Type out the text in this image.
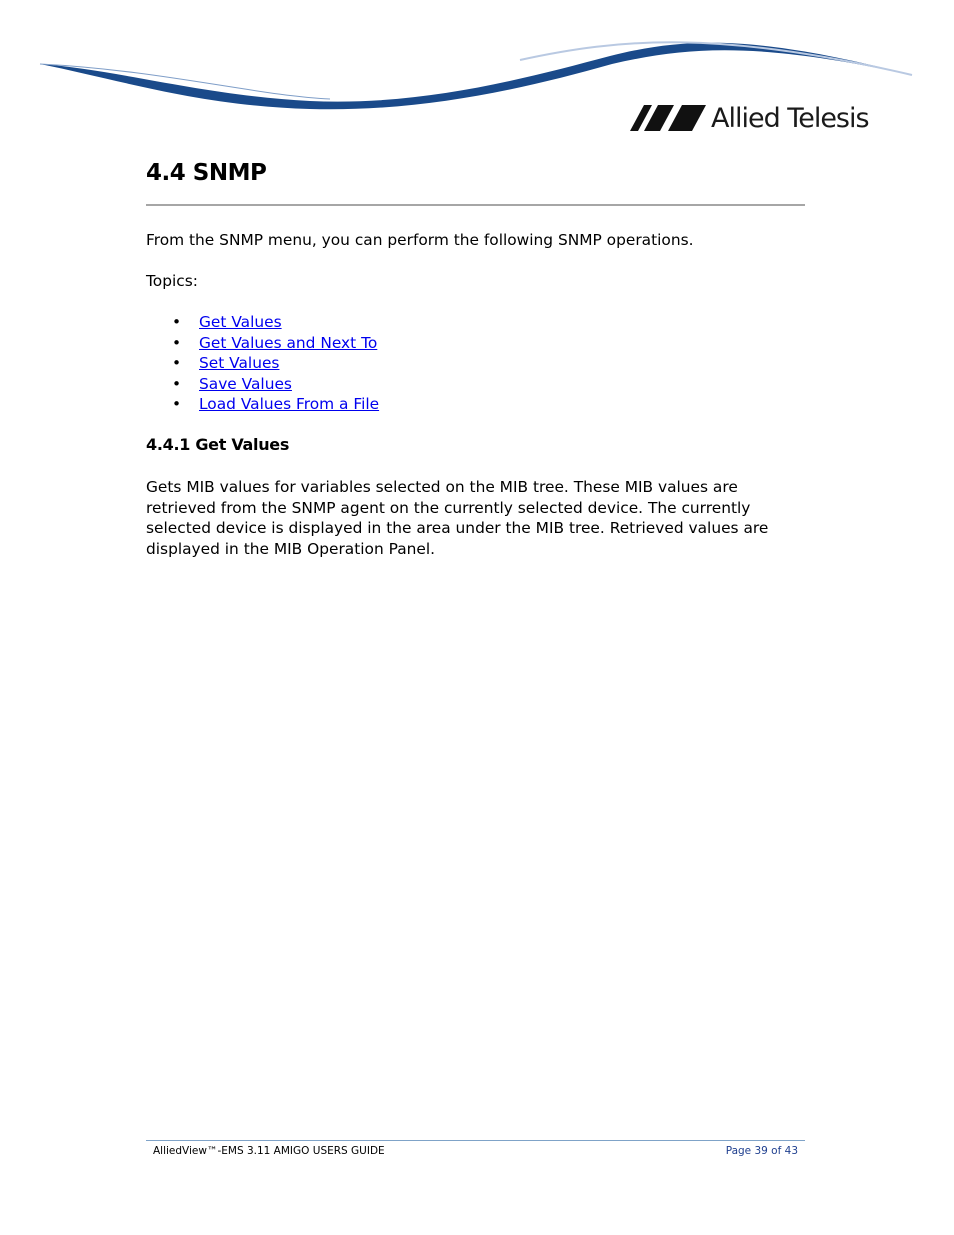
Allied Telesis
4.4 SNMP

From the SNMP menu, you can perform the following SNMP operations.

Topics:

• Get Values
• Get Values and Next To
• Set Values
• Save Values
• Load Values From a File
4.4.1 Get Values

Gets MIB values for variables selected on the MIB tree. These MIB values are retrieved from the SNMP agent on the currently selected device. The currently selected device is displayed in the area under the MIB tree. Retrieved values are displayed in the MIB Operation Panel.

AlliedView™-EMS 3.11 AMIGO USERS GUIDE	Page 39 of 43
